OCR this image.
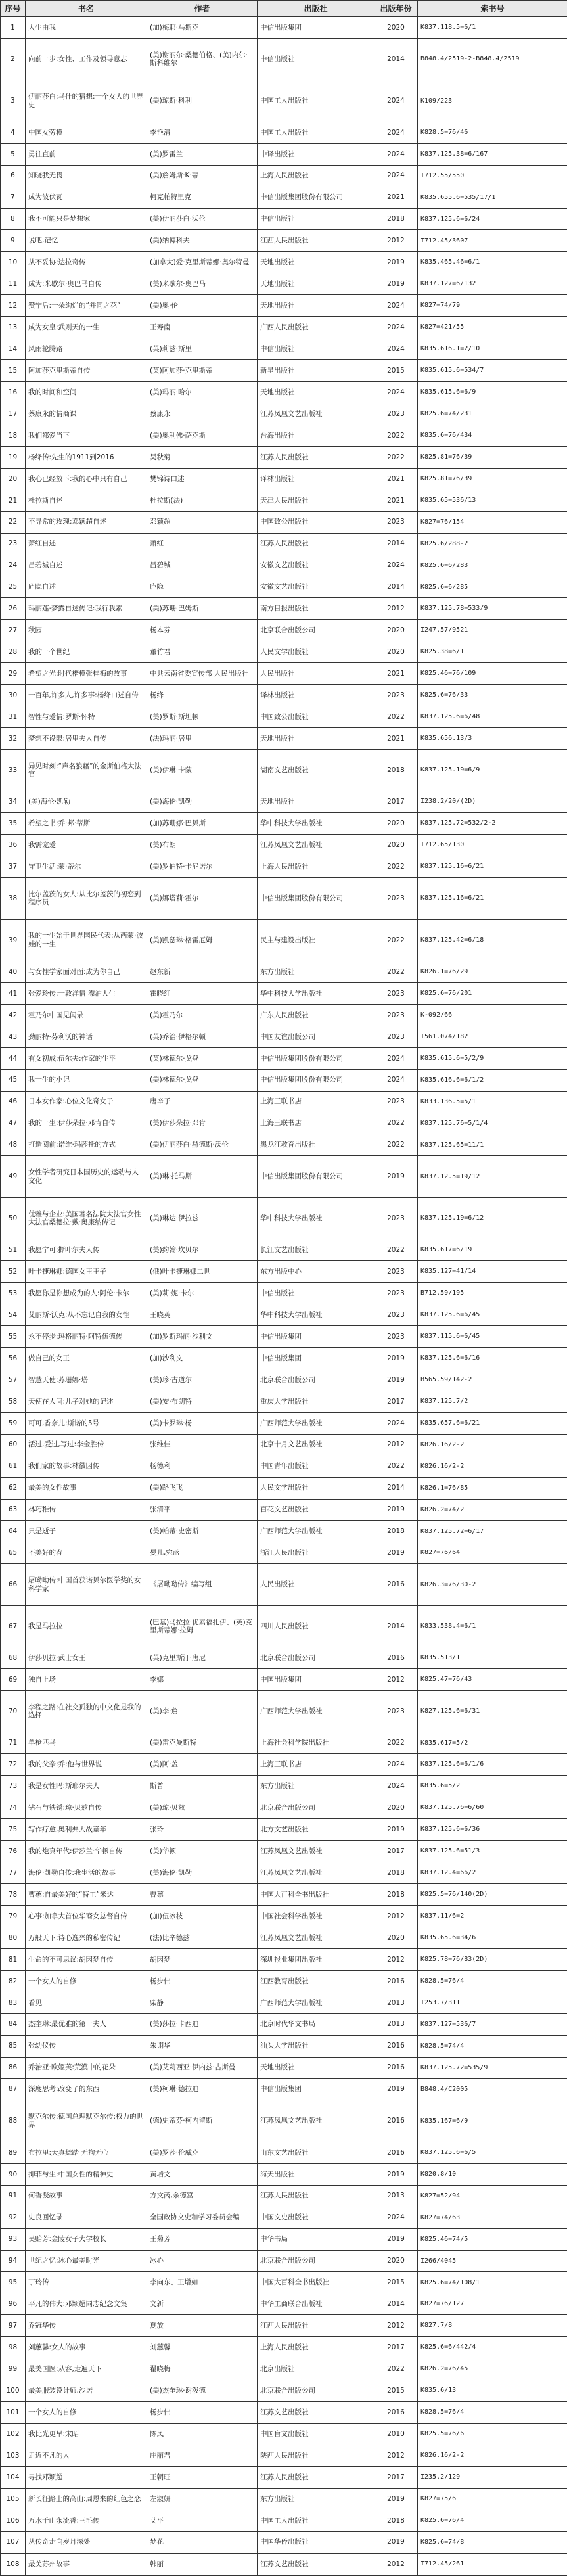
序号	书名	作者	出版社	出版年份	索书号
1	人生由我	(加)梅耶·马斯克	中信出版集团	2020	K837.118.5=6/1
2	向前一步:女性、工作及领导意志	(美)谢丽尔·桑德伯格、(美)内尔·斯科维尔	中信出版社	2014	B848.4/2519-2-B848.4/2519
3	伊丽莎白:马什的猜想:一个女人的世界史	(美)琼斯·科利	中国工人出版社	2024	K109/223
4	中国女劳模	李艳清	中国工人出版社	2024	K828.5=76/46
5	勇往直前	(美)罗雷兰	中译出版社	2024	K837.125.38=6/167
6	知晓我无畏	(美)詹姆斯·K·蒂	上海人民出版社	2024	I712.55/550
7	成为波伏瓦	柯克帕特里克	中信出版集团股份有限公司	2021	K835.655.6=535/17/1
8	我不可能只是梦想家	(美)伊丽莎白·沃伦	中信出版社	2018	K837.125.6=6/24
9	说吧,记忆	(美)纳博科夫	江西人民出版社	2012	I712.45/3607
10	从不妥协:达拉奇传	(加拿大)爱·克里斯蒂娜·奥尔特曼	天地出版社	2019	K835.465.46=6/1
11	成为:米歇尔·奥巴马自传	(美)米歇尔·奥巴马	天地出版社	2019	K837.127=6/132
12	赞宁后:一朵绚烂的“并同之花”	(美)奥·伦	天地出版社	2024	K827=74/79
13	成为女皇:武则天的一生	王寿南	广西人民出版社	2024	K827=421/55
14	风雨轮腾路	(英)莉兹·斯里	中信出版社	2024	K835.616.1=2/10
15	阿加莎克里斯蒂自传	(英)阿加莎·克里斯蒂	新星出版社	2015	K835.615.6=534/7
16	我的时间和空间	(美)玛丽·哈尔	天地出版社	2024	K835.615.6=6/9
17	蔡康永的情商课	蔡康永	江苏凤凰文艺出版社	2023	K825.6=74/231
18	我们都爱当下	(美)奥利佛·萨克斯	台海出版社	2022	K835.6=76/434
19	杨绛传:先生的1911到2016	吴秋菊	江苏人民出版社	2022	K825.81=76/39
20	我心已经放下:我的心中只有自己	樊锦诗口述	译林出版社	2021	K825.81=76/39
21	杜拉斯自述	杜拉斯(法)	天津人民出版社	2021	K835.65=536/13
22	不寻常的玫瑰:邓颖超自述	邓颖超	中国致公出版社	2023	K827=76/154
23	萧红自述	萧红	江苏人民出版社	2014	K825.6/288-2
24	吕碧城自述	吕碧城	安徽文艺出版社	2024	K825.6=6/283
25	庐隐自述	庐隐	安徽文艺出版社	2014	K825.6=6/285
26	玛丽莲·梦露自述传记:我行我素	(美)苏珊·巴姆斯	南方日报出版社	2012	K837.125.78=533/9
27	秋园	杨本芬	北京联合出版公司	2020	I247.57/9521
28	我的一个世纪	董竹君	人民文学出版社	2020	K825.38=6/1
29	希望之光:时代楷模张桂梅的故事	中共云南省委宣传部 人民出版社	人民出版社	2021	K825.46=76/109
30	一百年,许多人,许多事:杨绛口述自传	杨绛	译林出版社	2023	K825.6=76/33
31	智性与爱情:罗斯·怀特	(美)罗斯·斯坦顿	中国致公出版社	2022	K837.125.6=6/48
32	梦想不设限:居里夫人自传	(法)玛丽·居里	天地出版社	2021	K835.656.13/3
33	异见时刻:“声名狼藉”的金斯伯格大法官	(美)伊琳·卡蒙	湖南文艺出版社	2018	K837.125.19=6/9
34	(美)海伦·凯勒	(美)海伦·凯勒	天地出版社	2017	I238.2/20/(2D)
35	希望之书:乔·邦·蒂斯	(加)苏珊娜·巴贝斯	华中科技大学出版社	2020	K837.125.72=532/2-2
36	我需宠爱	(美)布朗	江苏凤凰文艺出版社	2020	I712.65/130
37	守卫生活:蒙·蒂尔	(美)罗伯特·卡尼诺尔	上海人民出版社	2022	K837.125.16=6/21
38	比尔盖茨的女人:从比尔盖茨的初恋到程序员	(美)娜塔莉·霍尔	中信出版集团股份有限公司	2023	K837.125.16=6/21
39	我的一生始于世界国民代表:从西蒙·波娃的一生	(美)凯瑟琳·格雷厄姆	民主与建设出版社	2022	K837.125.42=6/18
40	与女性学家面对面:成为你自己	赵东新	东方出版社	2022	K826.1=76/29
41	张爱玲传:一敦洋情 漂泊人生	霍晓红	华中科技大学出版社	2023	K825.6=76/201
42	霍乃尔中国见闻录	(美)霍乃尔	广东人民出版社	2023	K-092/66
43	劲丽特·芬利沃的神话	(英)乔治·伊格尔顿	中国友谊出版公司	2023	I561.074/182
44	有女初成:伍尔夫:作家的生平	(英)林德尔·戈登	中信出版集团股份有限公司	2024	K835.615.6=5/2/9
45	我一生的小记	(美)林德尔·戈登	中信出版集团股份有限公司	2024	K835.616.6=6/1/2
46	日本女作家:心位文化奇女子	唐辛子	上海三联书店	2023	K833.136.5=5/1
47	我的一生:伊莎朵拉·邓肯自传	(美)伊莎朵拉·邓肯	上海三联书店	2022	K837.125.76=5/1/4
48	打造阅前:诺维·玛莎托的方式	(美)伊丽莎白·赫德斯·沃伦	黑龙江教育出版社	2022	K837.125.65=11/1
49	女性学者研究日本国历史的运动与人文化	(美)琳·托马斯	中信出版集团股份有限公司	2019	K837.12.5=19/12
50	优雅与企业:美国著名法院大法官女性大法官桑德拉·戴·奥康纳传记	(美)琳达·伊拉兹	华中科技大学出版社	2023	K837.125.19=6/12
51	我愿宁可:撕叶尔夫人传	(美)约翰·坎贝尔	长江文艺出版社	2022	K835.617=6/19
52	叶卡捷琳娜:德国女王王子	(俄)叶卡捷琳娜二世	东方出版中心	2023	K835.127=41/14
53	我愿你是你想成为的人:阿伦·卡尔	(美)莉·妮·卡尔	中信出版社	2023	B712.59/195
54	艾丽斯·沃克:从不忘记自我的女性	王晓英	华中科技大学出版社	2023	K837.125.6=6/45
55	永不停步:玛格丽特·阿特伍德传	(加)罗斯玛丽·沙利文	中信出版集团	2023	K837.115.6=6/45
56	做自己的女王	(加)沙利文	中信出版集团	2019	K837.125.6=6/16
57	智慧天使:苏珊娜·塔	(美)珍·古道尔	北京联合出版公司	2019	B565.59/142-2
58	天使在人间:儿子对她的记述	(美)安·布朗特	重庆大学出版社	2017	K837.125.7/2
59	可可,香奈儿:斯诺的5号	(美)卡罗琳·杨	广西师范大学出版社	2024	K835.657.6=6/21
60	活过,爱过,写过:李金胜传	张维佳	北京十月文艺出版社	2012	K826.16/2-2
61	我们家的故事:林徽因传	杨德利	中国青年出版社	2022	K826.16/2-2
62	最美的女性故事	(美)路飞飞	人民文学出版社	2014	K826.1=76/85
63	林巧稚传	张清平	百花文艺出版社	2019	K826.2=74/2
64	只是逝子	(美)帕蒂·史密斯	广西师范大学出版社	2018	K837.125.72=6/17
65	不美好的春	晏儿,宛蓝	浙江人民出版社	2019	K827=76/64
66	屠呦呦传:中国首获诺贝尔医学奖的女科学家	《屠呦呦传》编写组	人民出版社	2016	K826.3=76/30-2
67	我是马拉拉	(巴基)马拉拉·优素福扎伊、(英)克里斯蒂娜·拉姆	四川人民出版社	2014	K833.538.4=6/1
68	伊莎贝拉·武士女王	(英)克里斯汀·唐尼	北京联合出版公司	2016	K835.513/1
69	独自上场	李娜	中国出版集团	2012	K825.47=76/43
70	李程之路:在社交孤独的中文化是我的选择	(美)李·詹	广西师范大学出版社	2023	K827.125.6=6/31
71	单枪匹马	(美)雷克曼斯特	上海社会科学院出版社	2022	K835.617=5/2
72	我的父亲:乔:他与世界说	(美)阿·盖	上海三联书店	2024	K837.125.6=6/1/6
73	我是女性吗:斯耶尔夫人	斯普	东方出版社	2024	K835.6=5/2
74	钻石与铁锈:琼·贝兹自传	(美)琼·贝兹	北京联合出版公司	2020	K837.125.76=6/60
75	写作疗愈,奥利弗大战童年	张玲	北方文艺出版社	2019	K837.125.6=6/36
76	我的炮真年代:伊莎兰·华顿自传	(美)华顿	江苏凤凰文艺出版社	2017	K837.125.6=51/3
77	海伦·凯勒自传:我生活的故事	(美)海伦·凯勒	江苏凤凰文艺出版社	2018	K837.12.4=66/2
78	曹蕙:自最美好的“特工”米达	曹蕙	中国大百科全书出版社	2018	K825.5=76/140(2D)
79	心事:加拿大首位华裔女总督自传	(加)伍冰枝	中国社会科学出版社	2012	K837.11/6=2
80	万般天下:诗心逸兴的私密传记	(法)比辛德兹	江苏凤凰文艺出版社	2020	K835.65.6=34/6
81	生命的不可思议:胡因梦自传	胡因梦	深圳报业集团出版社	2012	K825.78=76/83(2D)
82	一个女人的自修	杨步伟	江西教育出版社	2016	K828.5=76/4
83	看见	柴静	广西师范大学出版社	2013	I253.7/311
84	杰奎琳:最优雅的第一夫人	(美)莎拉·卡西迪	北京时代华文书局	2013	K837.127=536/7
85	张幼仪传	朱诩华	汕头大学出版社	2016	K828.5=74/4
86	乔治亚·欧姬芙:荒漠中的花朵	(美)艾莉西亚·伊内兹·古斯曼	天地出版社	2016	K837.125.72=535/9
87	深度思考:改变了的东西	(美)柯琳·德拉迪	中信出版集团	2019	B848.4/C2005
88	默克尔传:德国总理默克尔传:权力的世界	(德)史蒂芬·柯内留斯	江苏凤凰文艺出版社	2016	K835.167=6/9
89	布拉里:天真舞踏 无拘无心	(美)罗莎·伦威克	山东文艺出版社	2016	K837.125.6=6/5
90	抑菲与生:中国女性的精神史	黄培文	海天出版社	2019	K820.8/10
91	何香凝故事	方文芮,余德富	江苏人民出版社	2013	K827=52/94
92	史良回忆录	全国政协文史和学习委员会编	中国文史出版社	2024	K827=74/63
93	吴贻芳:金陵女子大学校长	王菊芳	中华书局	2019	K825.46=74/5
94	世纪之忆:冰心最美时光	冰心	北京联合出版公司	2020	I266/4045
95	丁玲传	李向东、王增如	中国大百科全书出版社	2015	K825.6=74/108/1
96	平凡的伟大:邓颖超同志纪念文集	文新	中华工商联合出版社	2014	K827=76/127
97	乔冠华传	夏放	江西人民出版社	2012	K827.7/8
98	刘蕙馨:女人的故事	刘蕙馨	上海人民出版社	2017	K825.6=6/442/4
99	最美国医:从容,走遍天下	翟晓梅	北京出版社	2022	K826.2=76/45
100	最美服装设计师,沙诺	(美)杰奎琳·谢泼德	北京联合出版公司	2015	K835.6/13
101	一个女人的自修	杨步伟	江苏文艺出版社	2016	K828.5=76/4
102	我比光更早:宋昭	陈凤	中国盲文出版社	2010	K825.5=76/6
103	走近不凡的人	庄丽君	陕西人民出版社	2012	K826.16/2-2
104	寻找邓颖超	王朝旺	江苏人民出版社	2017	I235.2/129
105	新长征路上的高山:周恩来的红色之恋	左淑妍	东方出版社	2019	K827=75/6
106	万水千山永流香:三毛传	艾平	中国工人出版社	2018	K825.6=76/4
107	从传奇走向岁月深处	梦花	中国华侨出版社	2019	K825.6=74/8
108	最美苏州故事	韩丽	江苏文艺出版社	2012	I712.45/261
